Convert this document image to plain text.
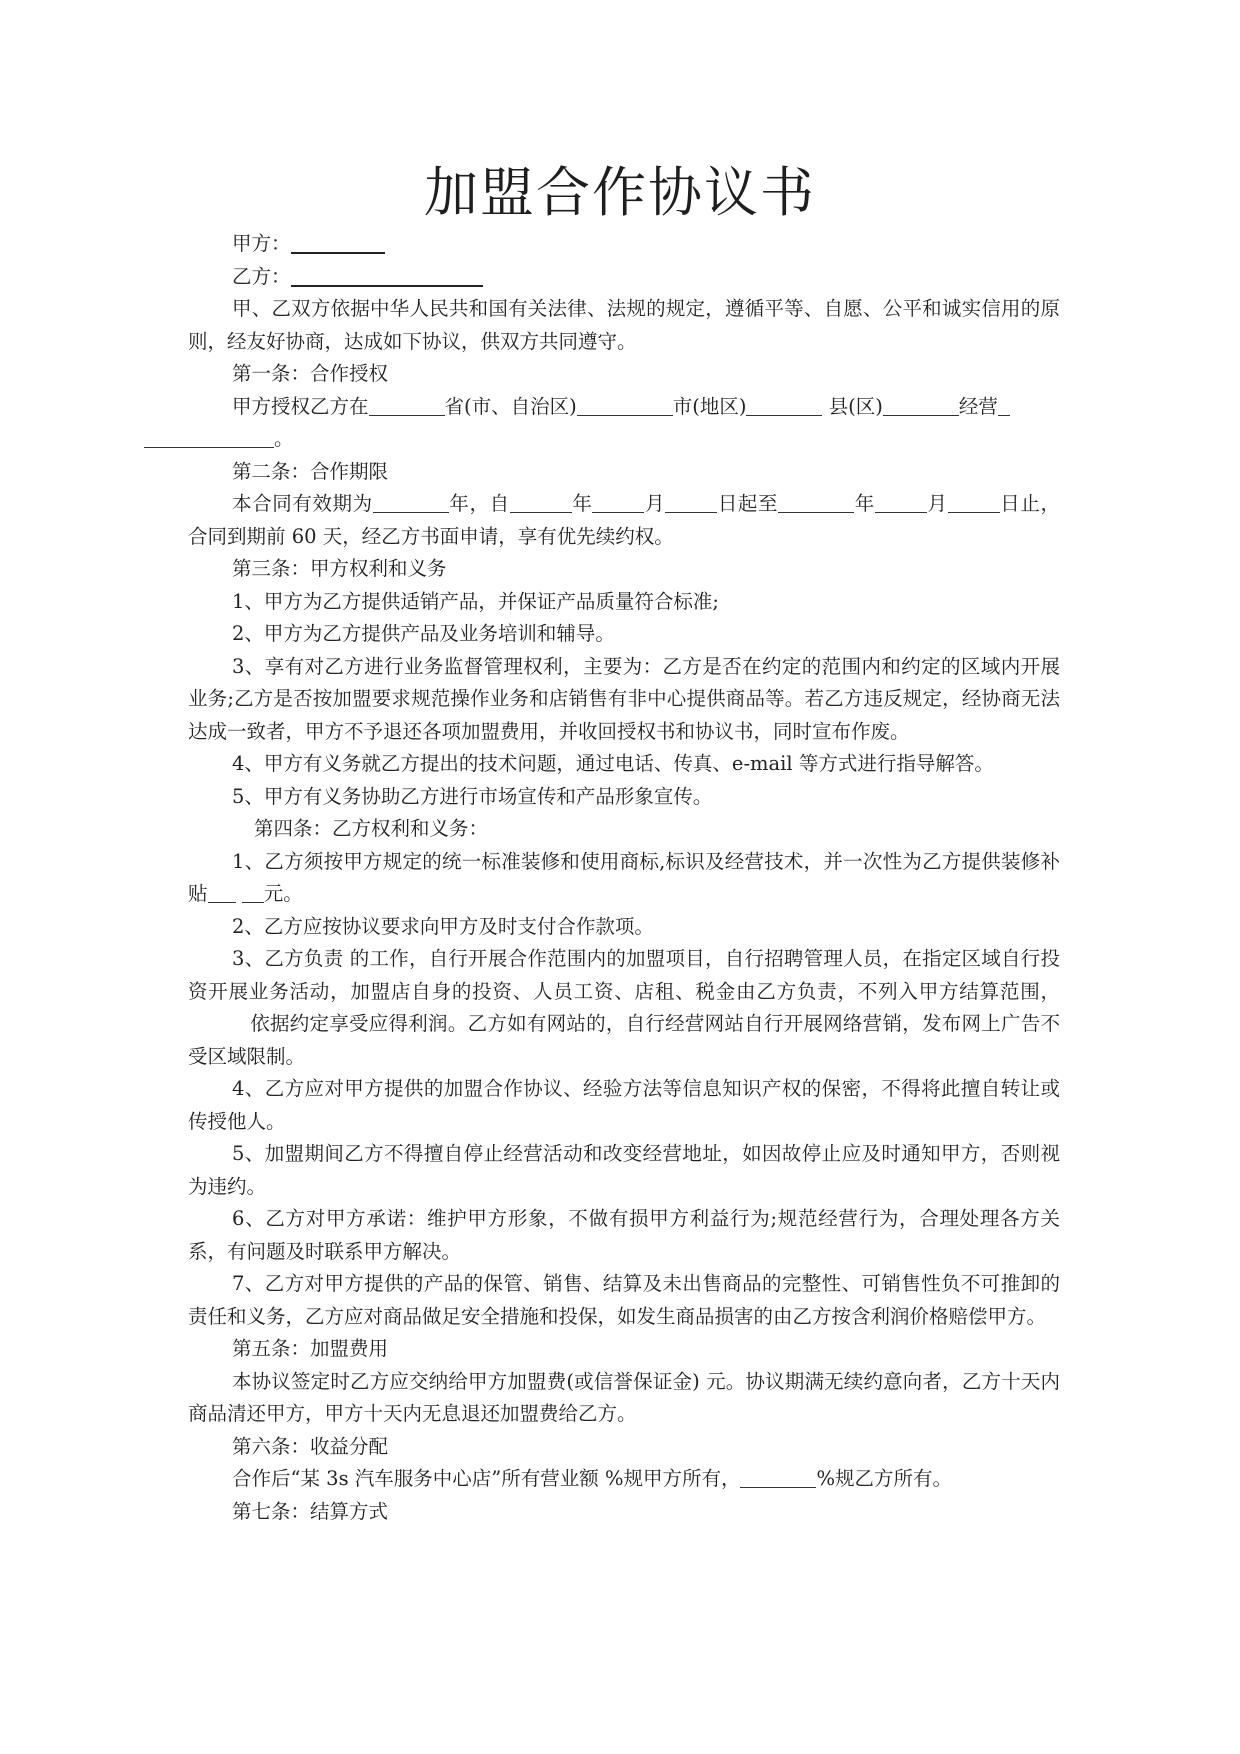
加盟合作协议书

甲方：

乙方：

甲、乙双方依据中华人民共和国有关法律、法规的规定，遵循平等、自愿、公平和诚实信用的原则，经友好协商，达成如下协议，供双方共同遵守。

第一条：合作授权

甲方授权乙方在	省(市、自治区)	市(地区)	县(区)	经营
。

第二条：合作期限

本合同有效期为	年，自	年	月	日起至	年	月	日止，合同到期前 60 天，经乙方书面申请，享有优先续约权。

第三条：甲方权利和义务

1、甲方为乙方提供适销产品，并保证产品质量符合标准;

2、甲方为乙方提供产品及业务培训和辅导。

3、享有对乙方进行业务监督管理权利，主要为：乙方是否在约定的范围内和约定的区域内开展业务;乙方是否按加盟要求规范操作业务和店销售有非中心提供商品等。若乙方违反规定，经协商无法达成一致者，甲方不予退还各项加盟费用，并收回授权书和协议书，同时宣布作废。

4、甲方有义务就乙方提出的技术问题，通过电话、传真、e-mail 等方式进行指导解答。

5、甲方有义务协助乙方进行市场宣传和产品形象宣传。

第四条：乙方权利和义务：

1、乙方须按甲方规定的统一标准装修和使用商标,标识及经营技术，并一次性为乙方提供装修补贴	元。

2、乙方应按协议要求向甲方及时支付合作款项。

3、乙方负责 的工作，自行开展合作范围内的加盟项目，自行招聘管理人员，在指定区域自行投资开展业务活动，加盟店自身的投资、人员工资、店租、税金由乙方负责，不列入甲方结算范围，依据约定享受应得利润。乙方如有网站的，自行经营网站自行开展网络营销，发布网上广告不受区域限制。

4、乙方应对甲方提供的加盟合作协议、经验方法等信息知识产权的保密，不得将此擅自转让或传授他人。

5、加盟期间乙方不得擅自停止经营活动和改变经营地址，如因故停止应及时通知甲方，否则视为违约。

6、乙方对甲方承诺：维护甲方形象，不做有损甲方利益行为;规范经营行为，合理处理各方关系，有问题及时联系甲方解决。

7、乙方对甲方提供的产品的保管、销售、结算及未出售商品的完整性、可销售性负不可推卸的责任和义务，乙方应对商品做足安全措施和投保，如发生商品损害的由乙方按含利润价格赔偿甲方。

第五条：加盟费用

本协议签定时乙方应交纳给甲方加盟费(或信誉保证金) 元。协议期满无续约意向者，乙方十天内商品清还甲方，甲方十天内无息退还加盟费给乙方。

第六条：收益分配

合作后“某 3s 汽车服务中心店”所有营业额 %规甲方所有，	%规乙方所有。

第七条：结算方式
